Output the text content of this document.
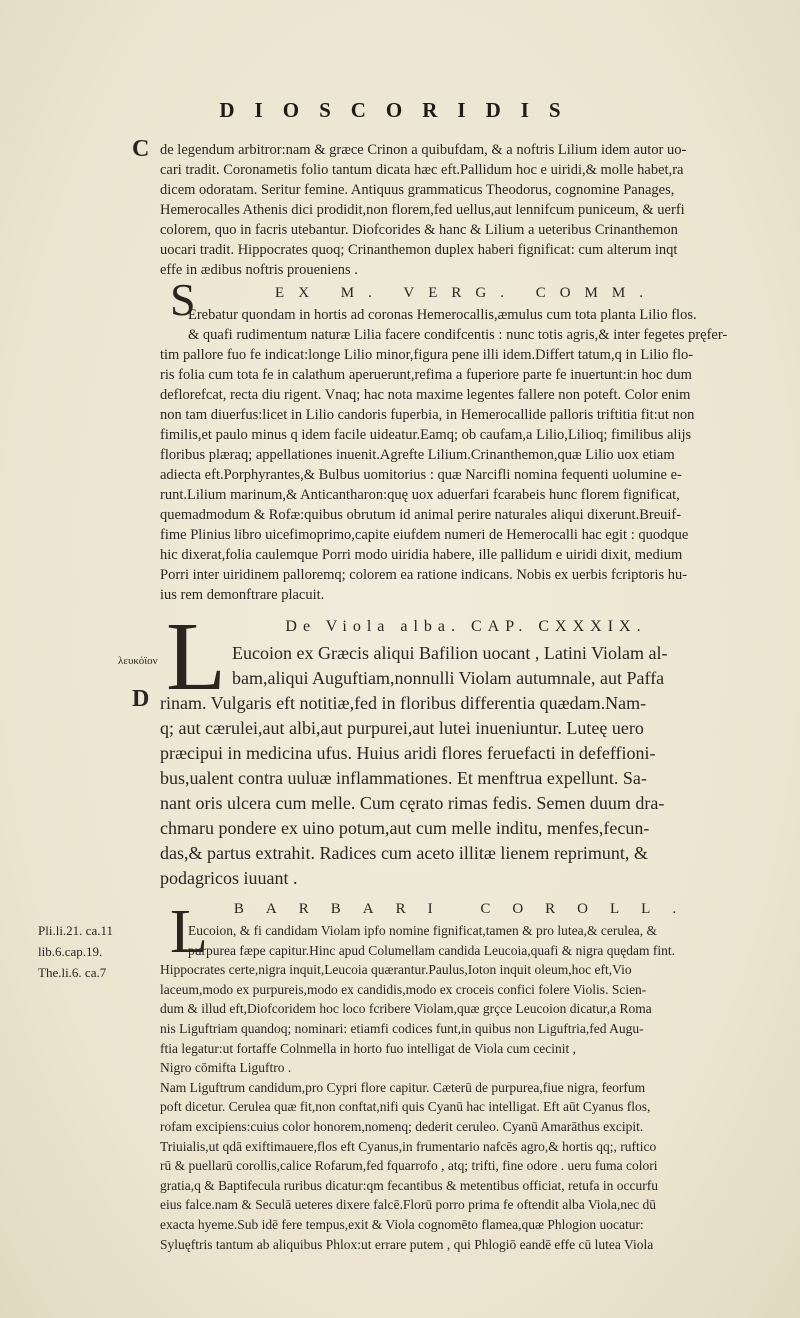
DIOSCORIDIS
C
λευκόϊον
D
Pli.li.21. ca.11
lib.6.cap.19.
The.li.6. ca.7
de legendum arbitror:nam & græce Crinon a quibufdam, & a noftris Lilium idem autor uo-
cari tradit. Coronametis folio tantum dicata hæc eft.Pallidum hoc e uiridi,& molle habet,ra
dicem odoratam. Seritur femine. Antiquus grammaticus Theodorus, cognomine Panages,
Hemerocalles Athenis dici prodidit,non florem,fed uellus,aut lennifcum puniceum, & uerfi
colorem, quo in facris utebantur. Diofcorides & hanc & Lilium a ueteribus Crinanthemon
uocari tradit. Hippocrates quoq; Crinanthemon duplex haberi fignificat: cum alterum inqt
effe in ædibus noftris proueniens .
S	EX M. VERG. COMM.
Erebatur quondam in hortis ad coronas Hemerocallis,æmulus cum tota planta Lilio flos.
& quafi rudimentum naturæ Lilia facere condifcentis : nunc totis agris,& inter fegetes pręfer-
tim pallore fuo fe indicat:longe Lilio minor,figura pene illi idem.Differt tatum,q in Lilio flo-
ris folia cum tota fe in calathum aperuerunt,refima a fuperiore parte fe inuertunt:in hoc dum
deflorefcat, recta diu rigent. Vnaq; hac nota maxime legentes fallere non poteft. Color enim
non tam diuerfus:licet in Lilio candoris fuperbia, in Hemerocallide palloris triftitia fit:ut non
fimilis,et paulo minus q idem facile uideatur.Eamq; ob caufam,a Lilio,Lilioq; fimilibus alijs
floribus plæraq; appellationes inuenit.Agrefte Lilium.Crinanthemon,quæ Lilio uox etiam
adiecta eft.Porphyrantes,& Bulbus uomitorius : quæ Narcifli nomina fequenti uolumine e-
runt.Lilium marinum,& Anticantharon:quę uox aduerfari fcarabeis hunc florem fignificat,
quemadmodum & Rofæ:quibus obrutum id animal perire naturales aliqui dixerunt.Breuif-
fime Plinius libro uicefimoprimo,capite eiufdem numeri de Hemerocalli hac egit : quodque
hic dixerat,folia caulemque Porri modo uiridia habere, ille pallidum e uiridi dixit, medium
Porri inter uiridinem palloremq; colorem ea ratione indicans. Nobis ex uerbis fcriptoris hu-
ius rem demonftrare placuit.
L	De Viola alba. CAP. CXXXIX.
Eucoion ex Græcis aliqui Bafilion uocant , Latini Violam al-
bam,aliqui Auguftiam,nonnulli Violam autumnale, aut Paffa
rinam. Vulgaris eft notitiæ,fed in floribus differentia quædam.Nam-
q; aut cærulei,aut albi,aut purpurei,aut lutei inueniuntur. Luteę uero
præcipui in medicina ufus. Huius aridi flores feruefacti in defeffioni-
bus,ualent contra uuluæ inflammationes. Et menftrua expellunt. Sa-
nant oris ulcera cum melle. Cum cęrato rimas fedis. Semen duum dra-
chmaru pondere ex uino potum,aut cum melle inditu, menfes,fecun-
das,& partus extrahit. Radices cum aceto illitæ lienem reprimunt, &
podagricos iuuant .
L	BARBARI COROLL.
Eucoion, & fi candidam Violam ipfo nomine fignificat,tamen & pro lutea,& cerulea, &
purpurea fæpe capitur.Hinc apud Columellam candida Leucoia,quafi & nigra quędam fint.
Hippocrates certe,nigra inquit,Leucoia quærantur.Paulus,Ioton inquit oleum,hoc eft,Vio
laceum,modo ex purpureis,modo ex candidis,modo ex croceis confici folere Violis. Scien-
dum & illud eft,Diofcoridem hoc loco fcribere Violam,quæ grçce Leucoion dicatur,a Roma
nis Liguftriam quandoq; nominari: etiamfi codices funt,in quibus non Liguftria,fed Augu-
ftia legatur:ut fortaffe Colnmella in horto fuo intelligat de Viola cum cecinit ,
Nigro cōmifta Liguftro .
Nam Liguftrum candidum,pro Cypri flore capitur. Cæterū de purpurea,fiue nigra, feorfum
poft dicetur. Cerulea quæ fit,non conftat,nifi quis Cyanū hac intelligat. Eft aūt Cyanus flos,
rofam excipiens:cuius color honorem,nomenq; dederit ceruleo. Cyanū Amarāthus excipit.
Triuialis,ut qdā exiftimauere,flos eft Cyanus,in frumentario nafcēs agro,& hortis qq;, ruftico
rū & puellarū corollis,calice Rofarum,fed fquarrofo , atq; trifti, fine odore . ueru fuma colori
gratia,q & Baptifecula ruribus dicatur:qm fecantibus & metentibus officiat, retufa in occurfu
eius falce.nam & Seculā ueteres dixere falcē.Florū porro prima fe oftendit alba Viola,nec dū
exacta hyeme.Sub idē fere tempus,exit & Viola cognomēto flamea,quæ Phlogion uocatur:
Syluęftris tantum ab aliquibus Phlox:ut errare putem , qui Phlogiō eandē effe cū lutea Viola
